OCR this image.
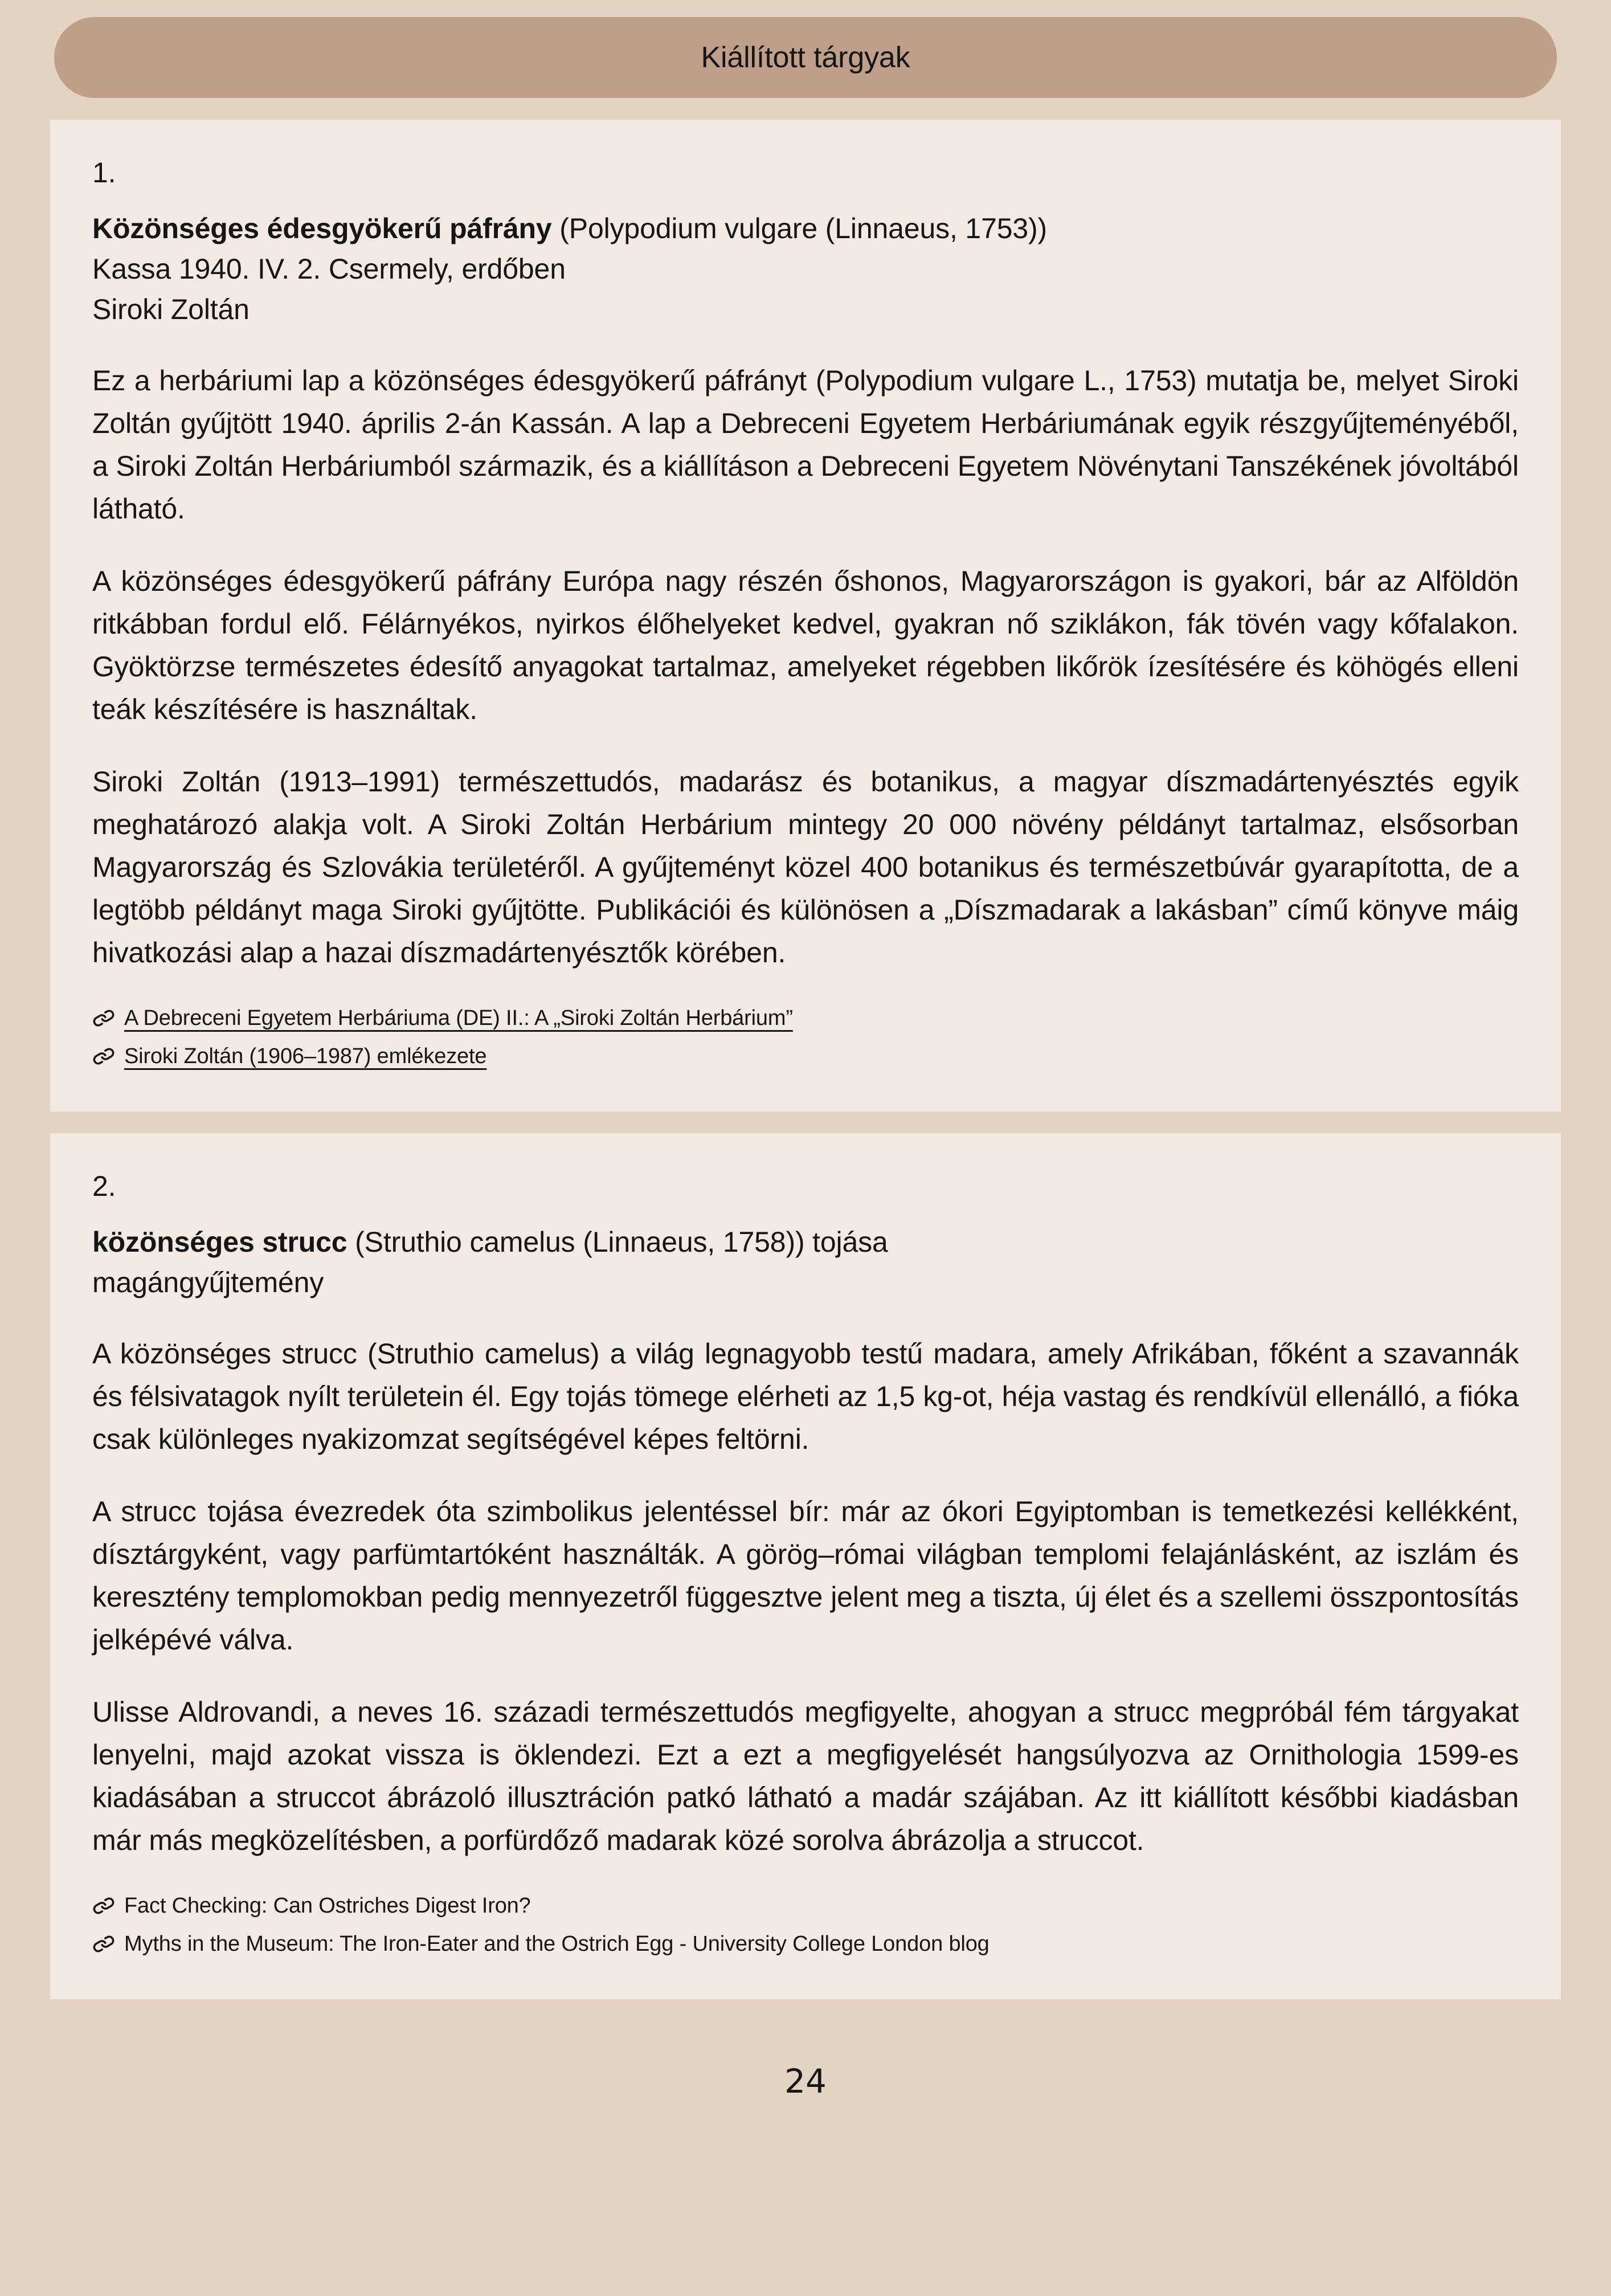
Kiállított tárgyak
1.
Közönséges édesgyökerű páfrány (Polypodium vulgare (Linnaeus, 1753))
Kassa 1940. IV. 2. Csermely, erdőben
Siroki Zoltán

Ez a herbáriumi lap a közönséges édesgyökerű páfrányt (Polypodium vulgare L., 1753) mutatja be, melyet Siroki Zoltán gyűjtött 1940. április 2-án Kassán. A lap a Debreceni Egyetem Herbáriumának egyik részgyűjteményéből, a Siroki Zoltán Herbáriumból származik, és a kiállításon a Debreceni Egyetem Növénytani Tanszékének jóvoltából látható.

A közönséges édesgyökerű páfrány Európa nagy részén őshonos, Magyarországon is gyakori, bár az Alföldön ritkábban fordul elő. Félárnyékos, nyirkos élőhelyeket kedvel, gyakran nő sziklákon, fák tövén vagy kőfalakon. Gyöktörzse természetes édesítő anyagokat tartalmaz, amelyeket régebben likőrök ízesítésére és köhögés elleni teák készítésére is használtak.

Siroki Zoltán (1913–1991) természettudós, madarász és botanikus, a magyar díszmadártenyésztés egyik meghatározó alakja volt. A Siroki Zoltán Herbárium mintegy 20 000 növény példányt tartalmaz, elsősorban Magyarország és Szlovákia területéről. A gyűjteményt közel 400 botanikus és természetbúvár gyarapította, de a legtöbb példányt maga Siroki gyűjtötte. Publikációi és különösen a „Díszmadarak a lakásban” című könyve máig hivatkozási alap a hazai díszmadártenyésztők körében.

A Debreceni Egyetem Herbáriuma (DE) II.: A „Siroki Zoltán Herbárium”
Siroki Zoltán (1906–1987) emlékezete
2.
közönséges strucc (Struthio camelus (Linnaeus, 1758)) tojása
magángyűjtemény

A közönséges strucc (Struthio camelus) a világ legnagyobb testű madara, amely Afrikában, főként a szavannák és félsivatagok nyílt területein él. Egy tojás tömege elérheti az 1,5 kg-ot, héja vastag és rendkívül ellenálló, a fióka csak különleges nyakizomzat segítségével képes feltörni.

A strucc tojása évezredek óta szimbolikus jelentéssel bír: már az ókori Egyiptomban is temetkezési kellékként, dísztárgyként, vagy parfümtartóként használták. A görög–római világban templomi felajánlásként, az iszlám és keresztény templomokban pedig mennyezetről függesztve jelent meg a tiszta, új élet és a szellemi összpontosítás jelképévé válva.

Ulisse Aldrovandi, a neves 16. századi természettudós megfigyelte, ahogyan a strucc megpróbál fém tárgyakat lenyelni, majd azokat vissza is öklendezi. Ezt a ezt a megfigyelését hangsúlyozva az Ornithologia 1599-es kiadásában a struccot ábrázoló illusztráción patkó látható a madár szájában. Az itt kiállított későbbi kiadásban már más megközelítésben, a porfürdőző madarak közé sorolva ábrázolja a struccot.

Fact Checking: Can Ostriches Digest Iron?
Myths in the Museum: The Iron-Eater and the Ostrich Egg - University College London blog
24
